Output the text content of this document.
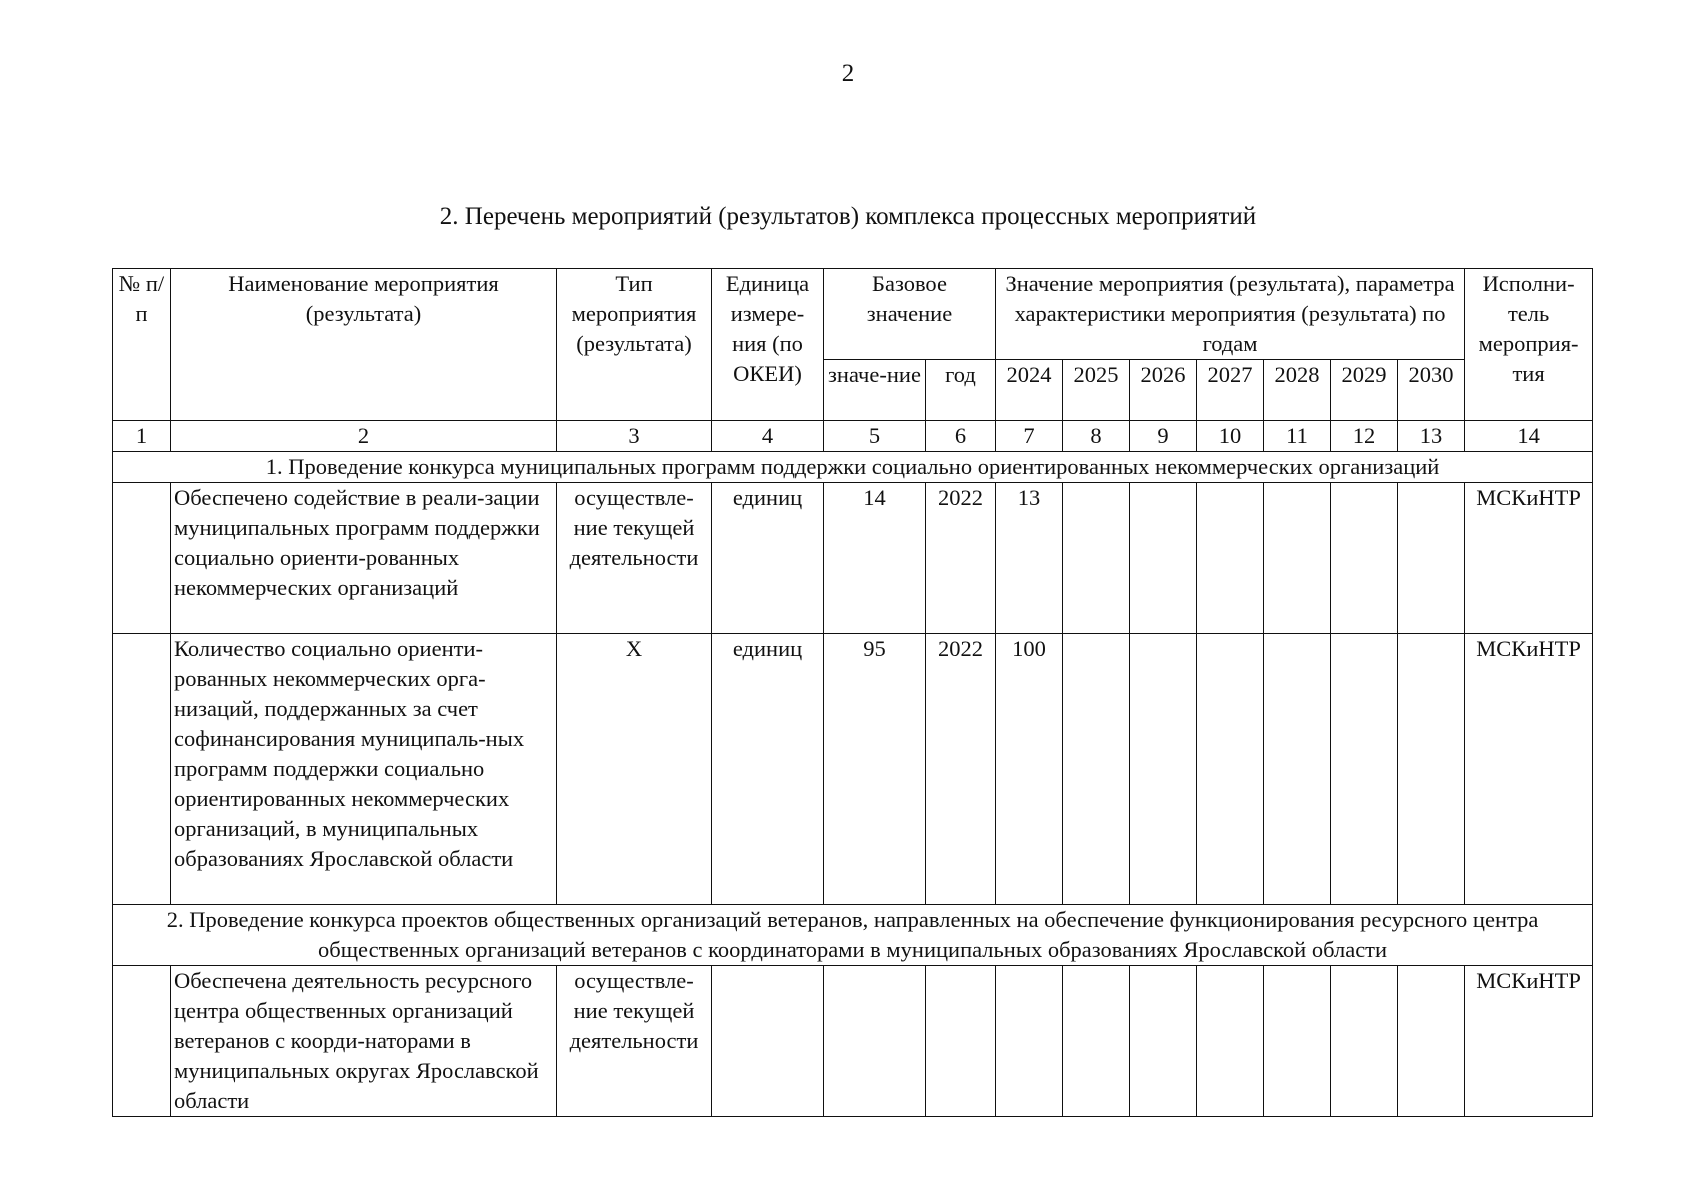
2
2. Перечень мероприятий (результатов) комплекса процессных мероприятий
№ п/п	Наименование мероприятия (результата)	Тип мероприятия (результата)	Единица измере-ния (по ОКЕИ)	Базовое значение		Значение мероприятия (результата), параметра характеристики мероприятия (результата) по годам							Исполни-тель мероприя-тия
				значе-ние	год	2024	2025	2026	2027	2028	2029	2030	
1	2	3	4	5	6	7	8	9	10	11	12	13	14
1. Проведение конкурса муниципальных программ поддержки социально ориентированных некоммерческих организаций													
	Обеспечено содействие в реали-зации муниципальных программ поддержки социально ориенти-рованных некоммерческих организаций	осуществле-ние текущей деятельности	единиц	14	2022	13							МСКиНТР
	Количество социально ориенти-рованных некоммерческих орга-низаций, поддержанных за счет софинансирования муниципаль-ных программ поддержки социально ориентированных некоммерческих организаций, в муниципальных образованиях Ярославской области	X	единиц	95	2022	100							МСКиНТР
2. Проведение конкурса проектов общественных организаций ветеранов, направленных на обеспечение функционирования ресурсного центра общественных организаций ветеранов с координаторами в муниципальных образованиях Ярославской области													
	Обеспечена деятельность ресурсного центра общественных организаций ветеранов с коорди-наторами в муниципальных округах Ярославской области	осуществле-ние текущей деятельности											МСКиНТР
